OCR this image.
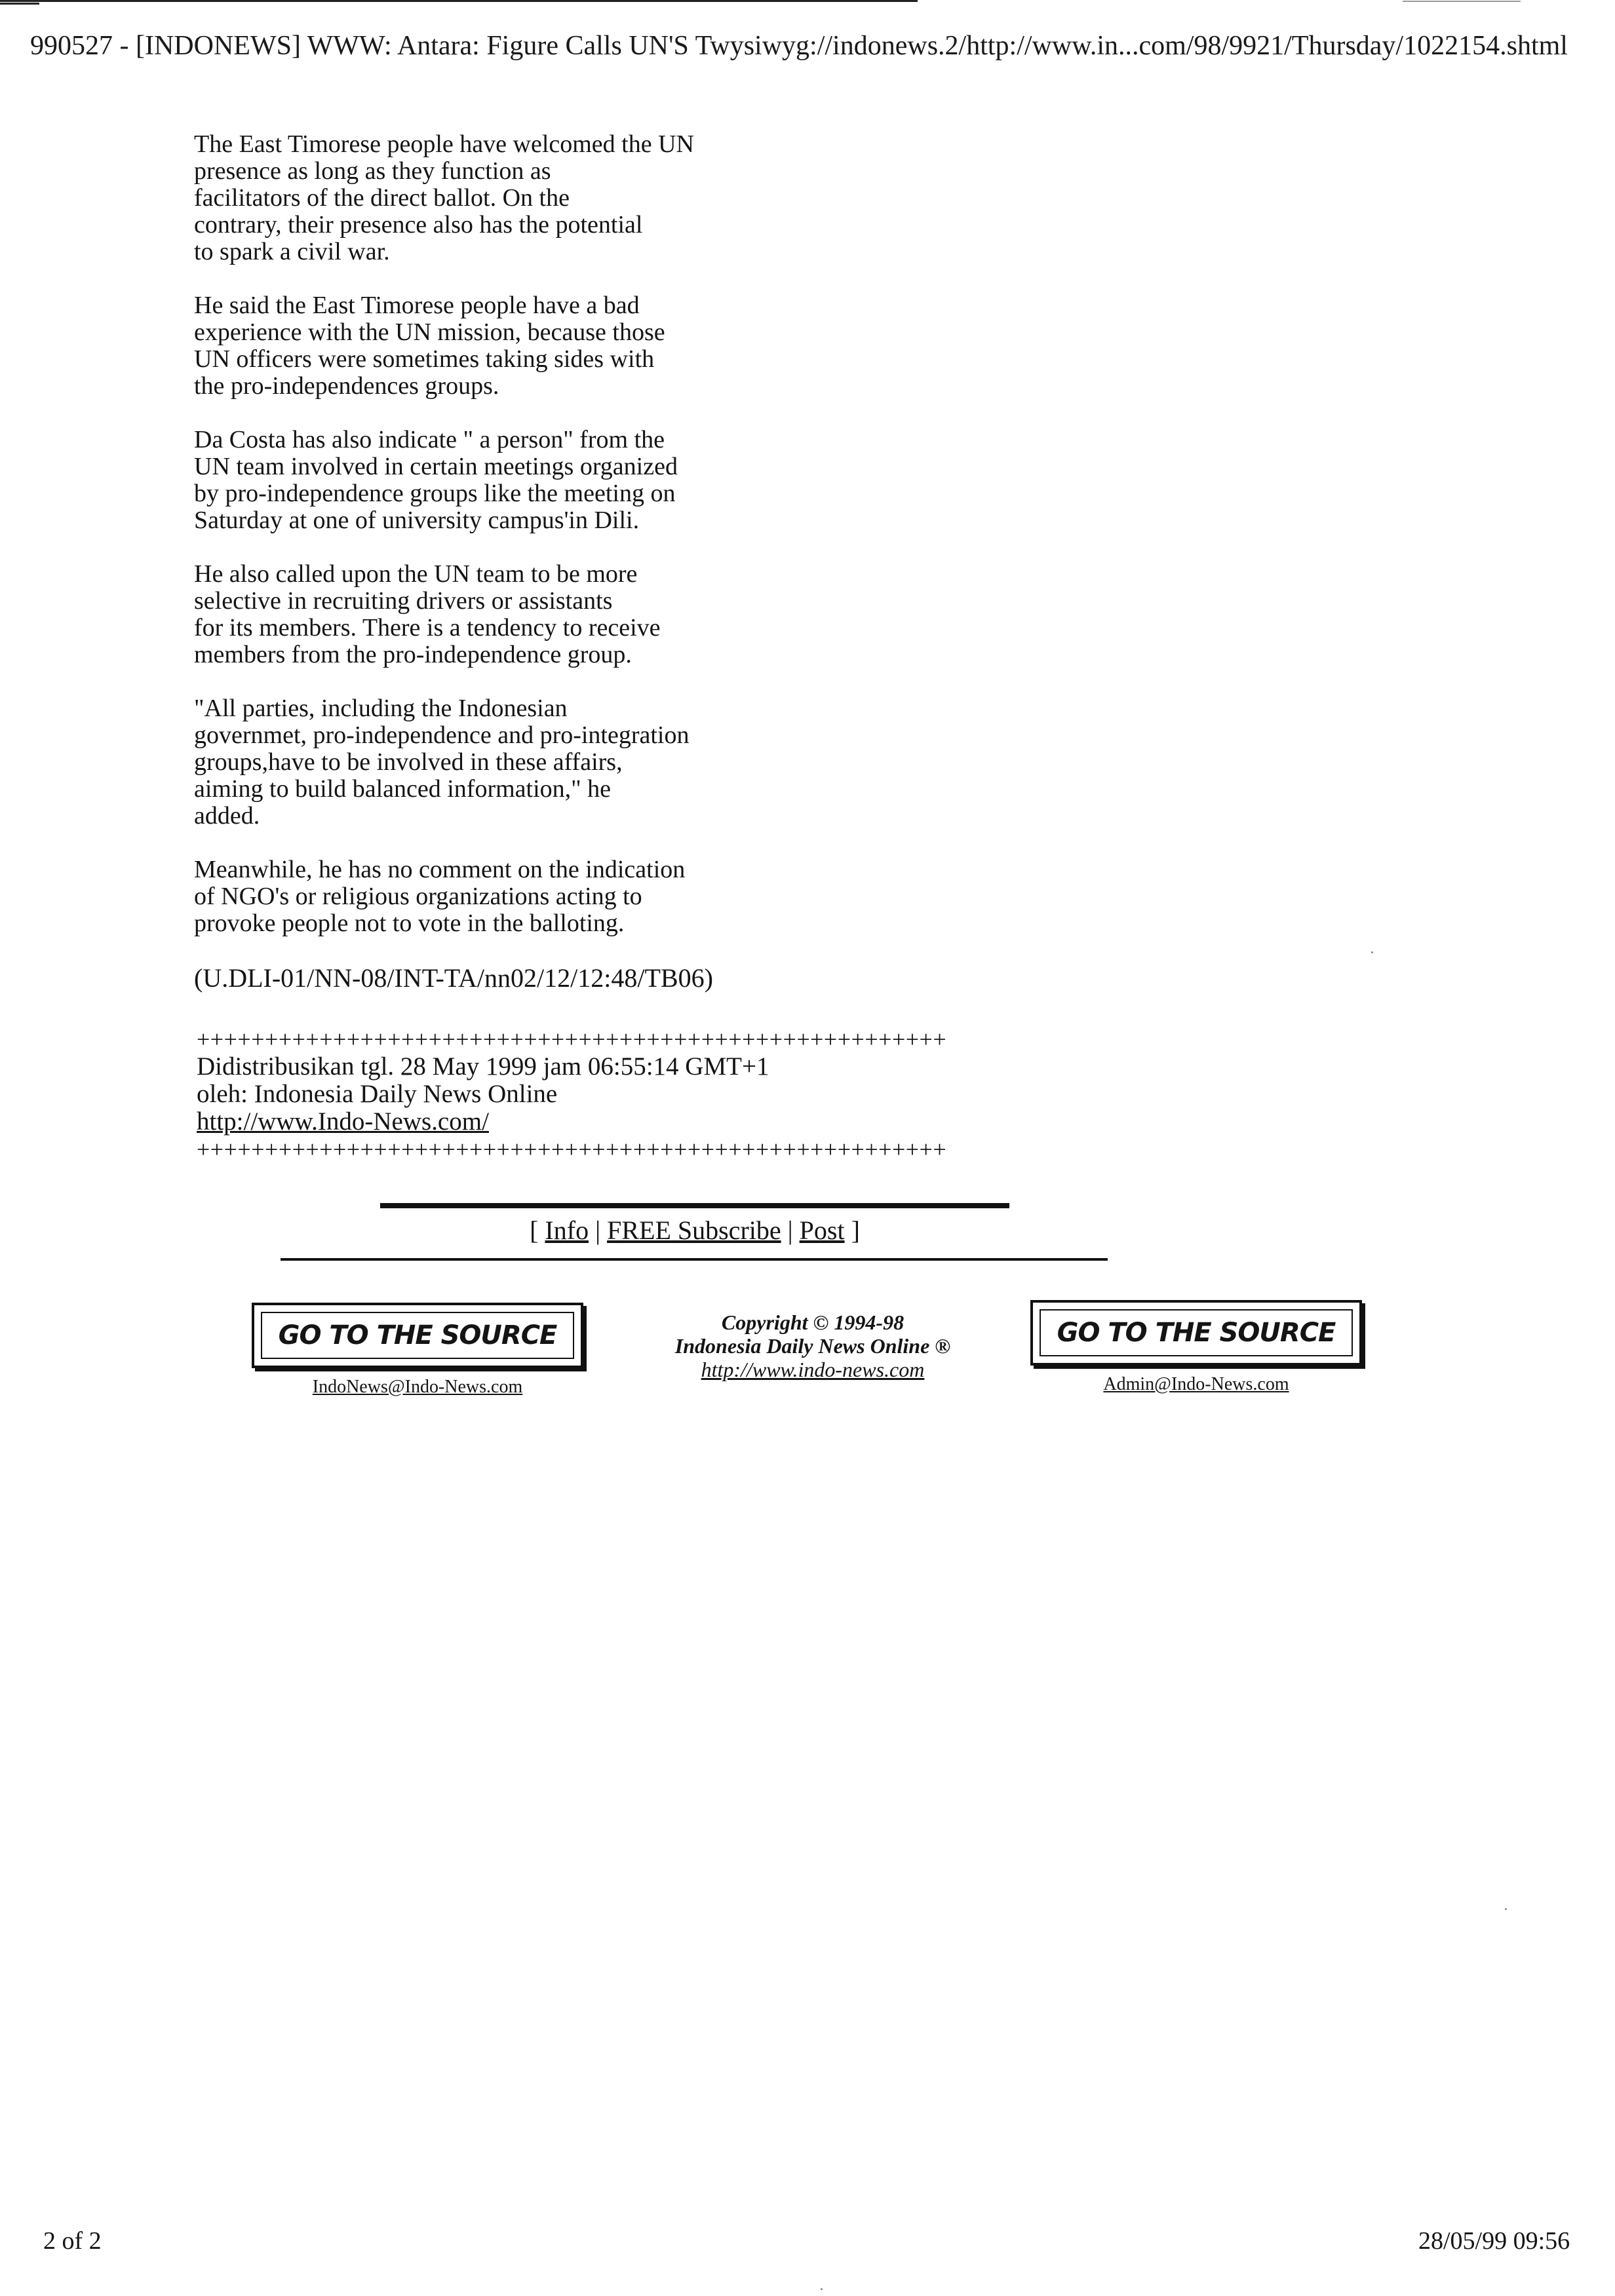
990527 - [INDONEWS] WWW: Antara: Figure Calls UN'S Twysiwyg://indonews.2/http://www.in...com/98/9921/Thursday/1022154.shtml

The East Timorese people have welcomed the UN
presence as long as they function as
facilitators of the direct ballot. On the
contrary, their presence also has the potential
to spark a civil war.

He said the East Timorese people have a bad
experience with the UN mission, because those
UN officers were sometimes taking sides with
the pro-independences groups.

Da Costa has also indicate " a person" from the
UN team involved in certain meetings organized
by pro-independence groups like the meeting on
Saturday at one of university campus'in Dili.

He also called upon the UN team to be more
selective in recruiting drivers or assistants
for its members. There is a tendency to receive
members from the pro-independence group.

"All parties, including the Indonesian
governmet, pro-independence and pro-integration
groups,have to be involved in these affairs,
aiming to build balanced information," he
added.

Meanwhile, he has no comment on the indication
of NGO's or religious organizations acting to
provoke people not to vote in the balloting.

(U.DLI-01/NN-08/INT-TA/nn02/12/12:48/TB06)

+++++++++++++++++++++++++++++++++++++++++++++++++++++++
Didistribusikan tgl. 28 May 1999 jam 06:55:14 GMT+1
oleh: Indonesia Daily News Online
http://www.Indo-News.com/
+++++++++++++++++++++++++++++++++++++++++++++++++++++++
[ Info | FREE Subscribe | Post ]
GO TO THE SOURCE
IndoNews@Indo-News.com
Copyright © 1994-98
Indonesia Daily News Online ®
http://www.indo-news.com
GO TO THE SOURCE
Admin@Indo-News.com
2 of 2	28/05/99 09:56
